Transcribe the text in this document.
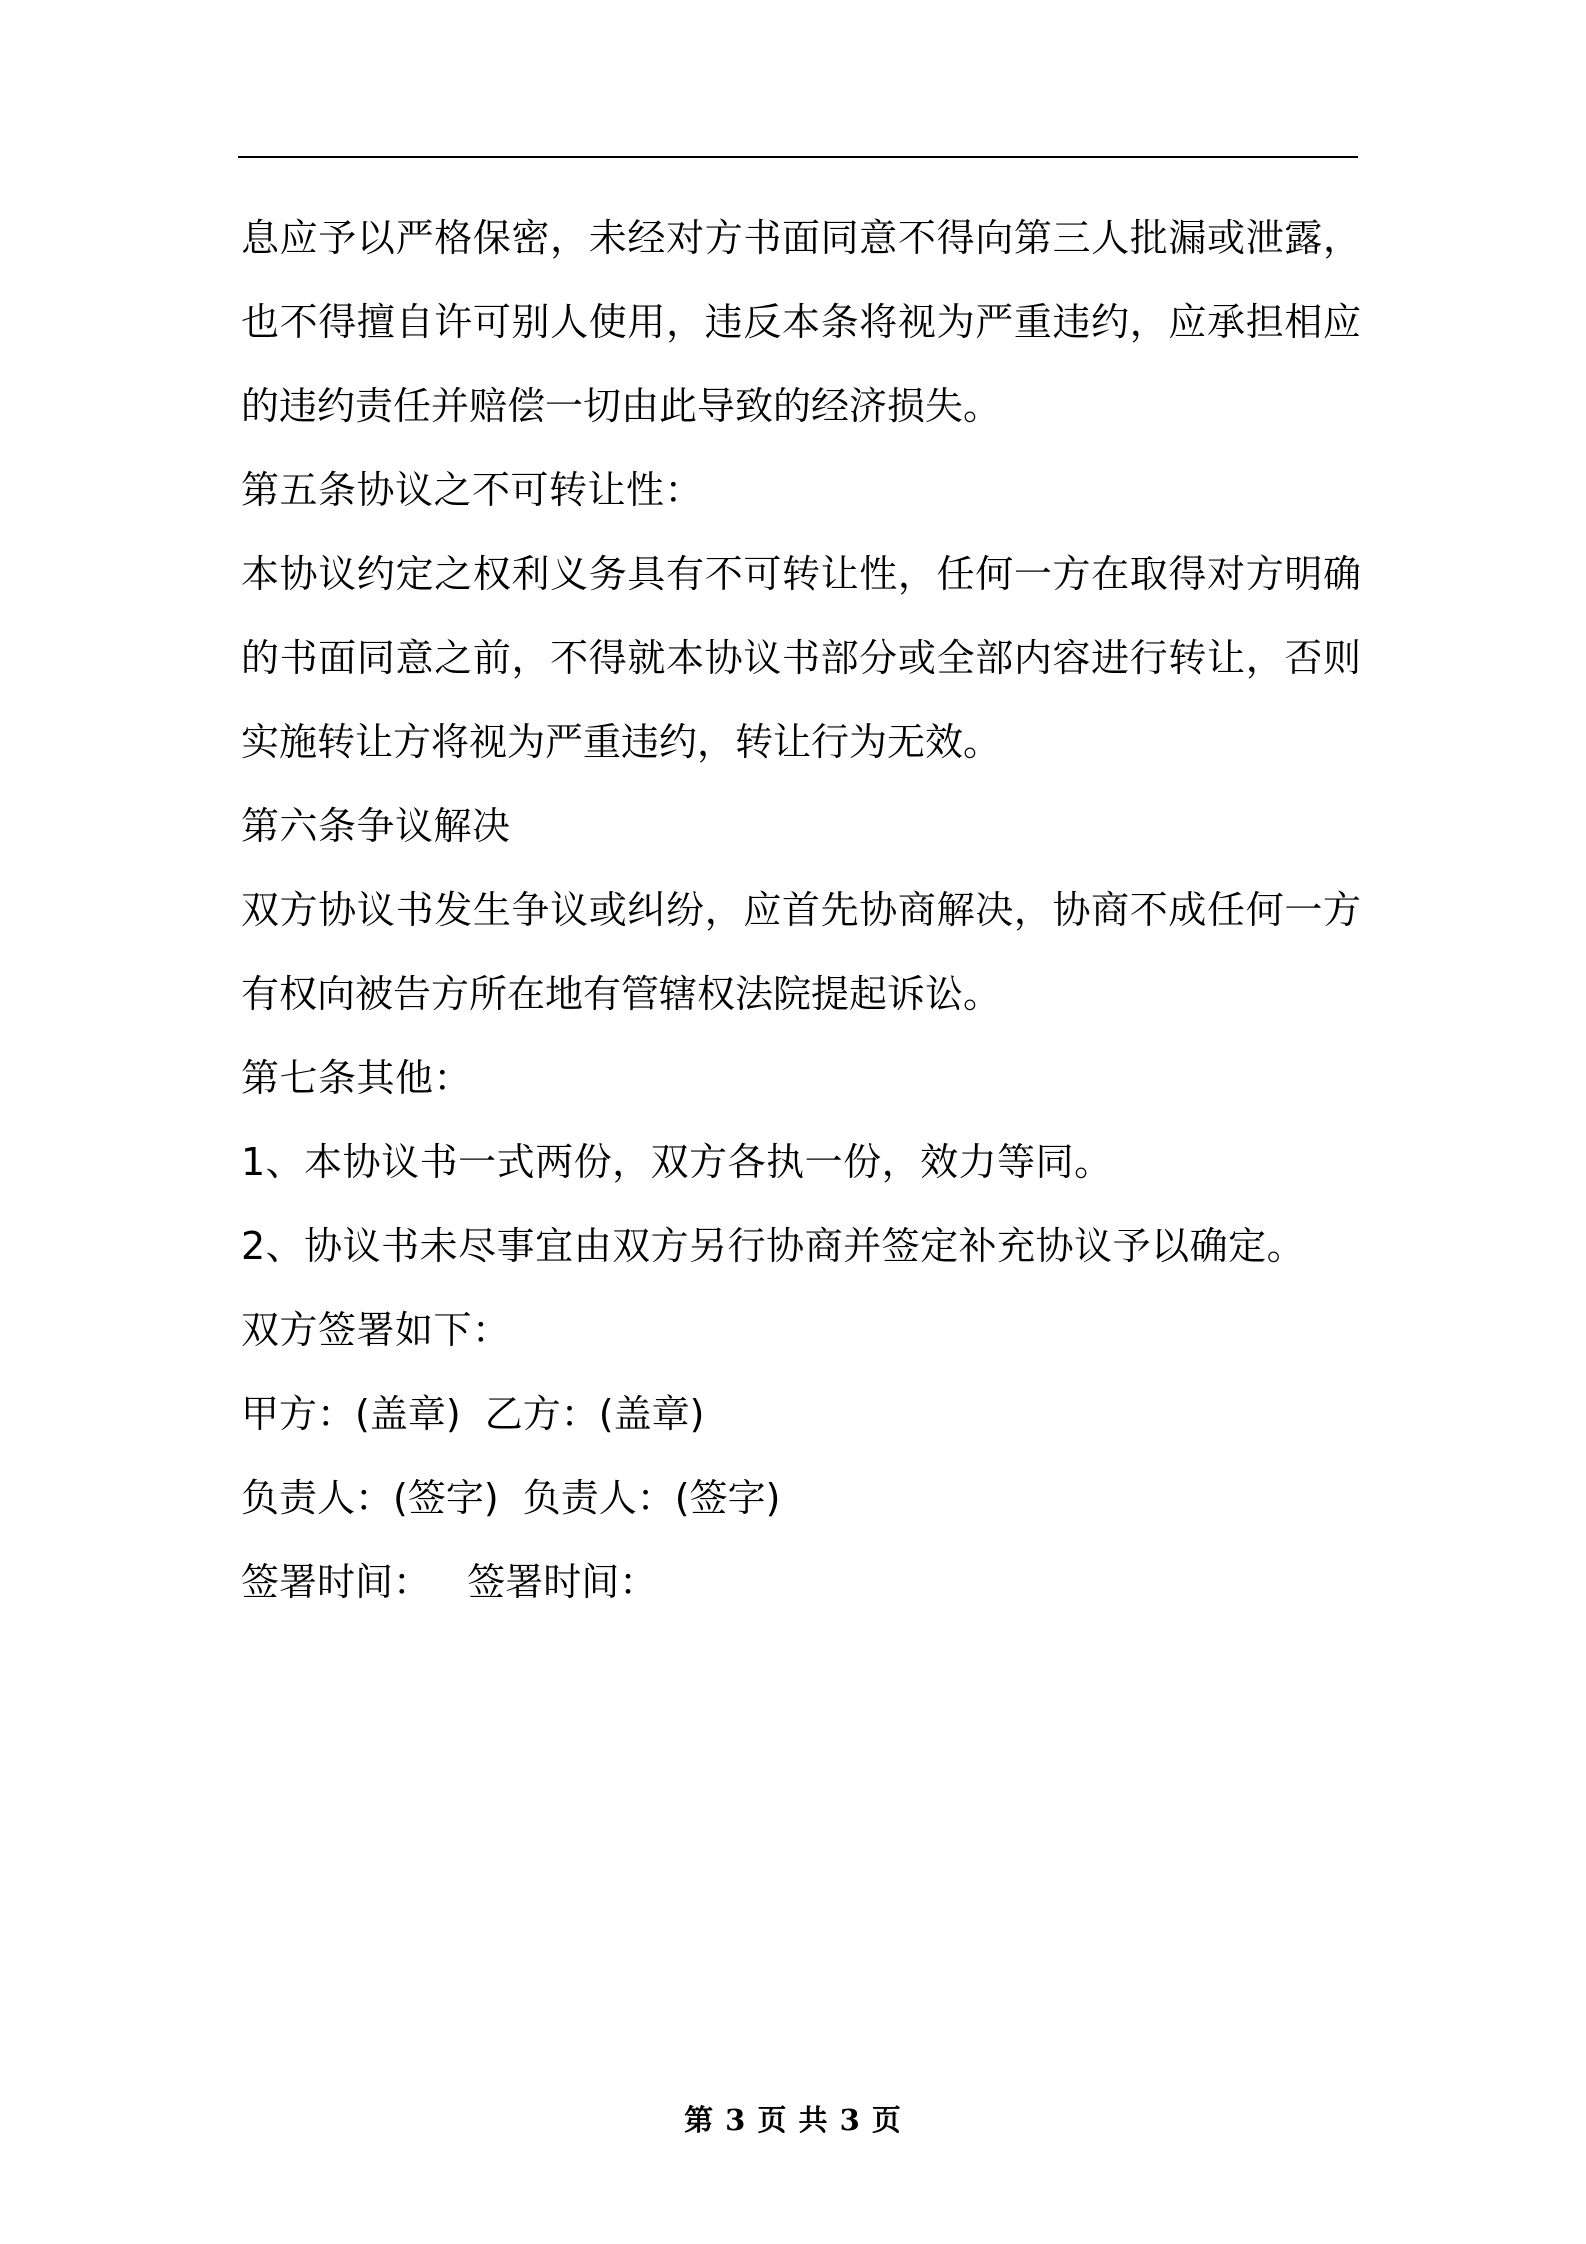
息应予以严格保密，未经对方书面同意不得向第三人批漏或泄露，也不得擅自许可别人使用，违反本条将视为严重违约，应承担相应的违约责任并赔偿一切由此导致的经济损失。
第五条协议之不可转让性：
本协议约定之权利义务具有不可转让性，任何一方在取得对方明确的书面同意之前，不得就本协议书部分或全部内容进行转让，否则实施转让方将视为严重违约，转让行为无效。
第六条争议解决
双方协议书发生争议或纠纷，应首先协商解决，协商不成任何一方有权向被告方所在地有管辖权法院提起诉讼。
第七条其他：
1、本协议书一式两份，双方各执一份，效力等同。
2、协议书未尽事宜由双方另行协商并签定补充协议予以确定。
双方签署如下：
甲方：(盖章)  乙方：(盖章)
负责人：(签字)  负责人：(签字)
签署时间：   签署时间：
第 3 页 共 3 页
